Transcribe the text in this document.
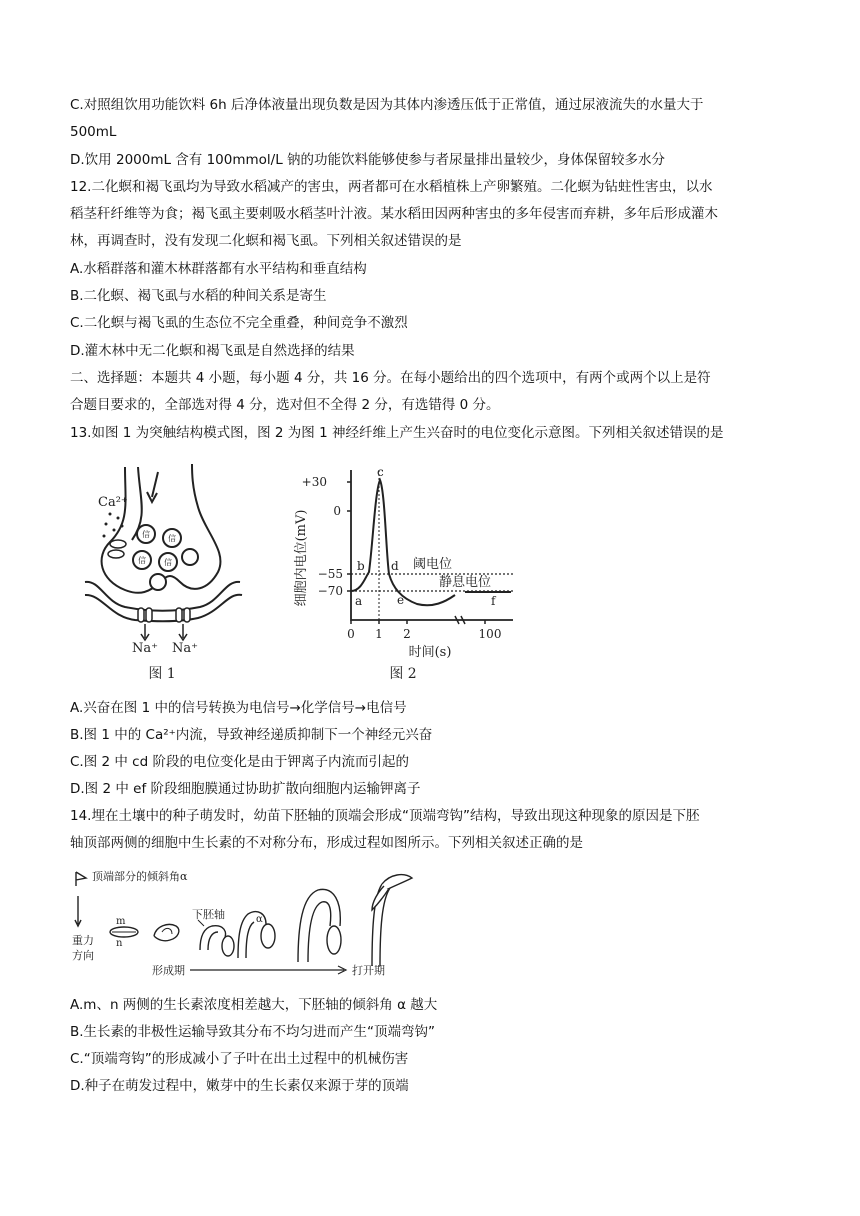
C.对照组饮用功能饮料 6h 后净体液量出现负数是因为其体内渗透压低于正常值，通过尿液流失的水量大于
500mL
D.饮用 2000mL 含有 100mmol/L 钠的功能饮料能够使参与者尿量排出量较少，身体保留较多水分
12.二化螟和褐飞虱均为导致水稻减产的害虫，两者都可在水稻植株上产卵繁殖。二化螟为钻蛀性害虫，以水
稻茎秆纤维等为食；褐飞虱主要刺吸水稻茎叶汁液。某水稻田因两种害虫的多年侵害而弃耕，多年后形成灌木
林，再调查时，没有发现二化螟和褐飞虱。下列相关叙述错误的是
A.水稻群落和灌木林群落都有水平结构和垂直结构
B.二化螟、褐飞虱与水稻的种间关系是寄生
C.二化螟与褐飞虱的生态位不完全重叠，种间竞争不激烈
D.灌木林中无二化螟和褐飞虱是自然选择的结果
二、选择题：本题共 4 小题，每小题 4 分，共 16 分。在每小题给出的四个选项中，有两个或两个以上是符
合题目要求的，全部选对得 4 分，选对但不全得 2 分，有选错得 0 分。
13.如图 1 为突触结构模式图，图 2 为图 1 神经纤维上产生兴奋时的电位变化示意图。下列相关叙述错误的是
信 信
信 信
Ca²⁺
Na⁺ Na⁺
图 1
+30
0
−55
−70
细胞内电位(mV)	a
b
c
d
e	f
阈电位
静息电位
0 1 2	100
时间(s)
图 2
A.兴奋在图 1 中的信号转换为电信号→化学信号→电信号
B.图 1 中的 Ca²⁺内流，导致神经递质抑制下一个神经元兴奋
C.图 2 中 cd 阶段的电位变化是由于钾离子内流而引起的
D.图 2 中 ef 阶段细胞膜通过协助扩散向细胞内运输钾离子
14.埋在土壤中的种子萌发时，幼苗下胚轴的顶端会形成“顶端弯钩”结构，导致出现这种现象的原因是下胚
轴顶部两侧的细胞中生长素的不对称分布，形成过程如图所示。下列相关叙述正确的是
顶端部分的倾斜角α
重力
方向
m
n
下胚轴	α
形成期	打开期
A.m、n 两侧的生长素浓度相差越大，下胚轴的倾斜角 α 越大
B.生长素的非极性运输导致其分布不均匀进而产生“顶端弯钩”
C.“顶端弯钩”的形成减小了子叶在出土过程中的机械伤害
D.种子在萌发过程中，嫩芽中的生长素仅来源于芽的顶端
